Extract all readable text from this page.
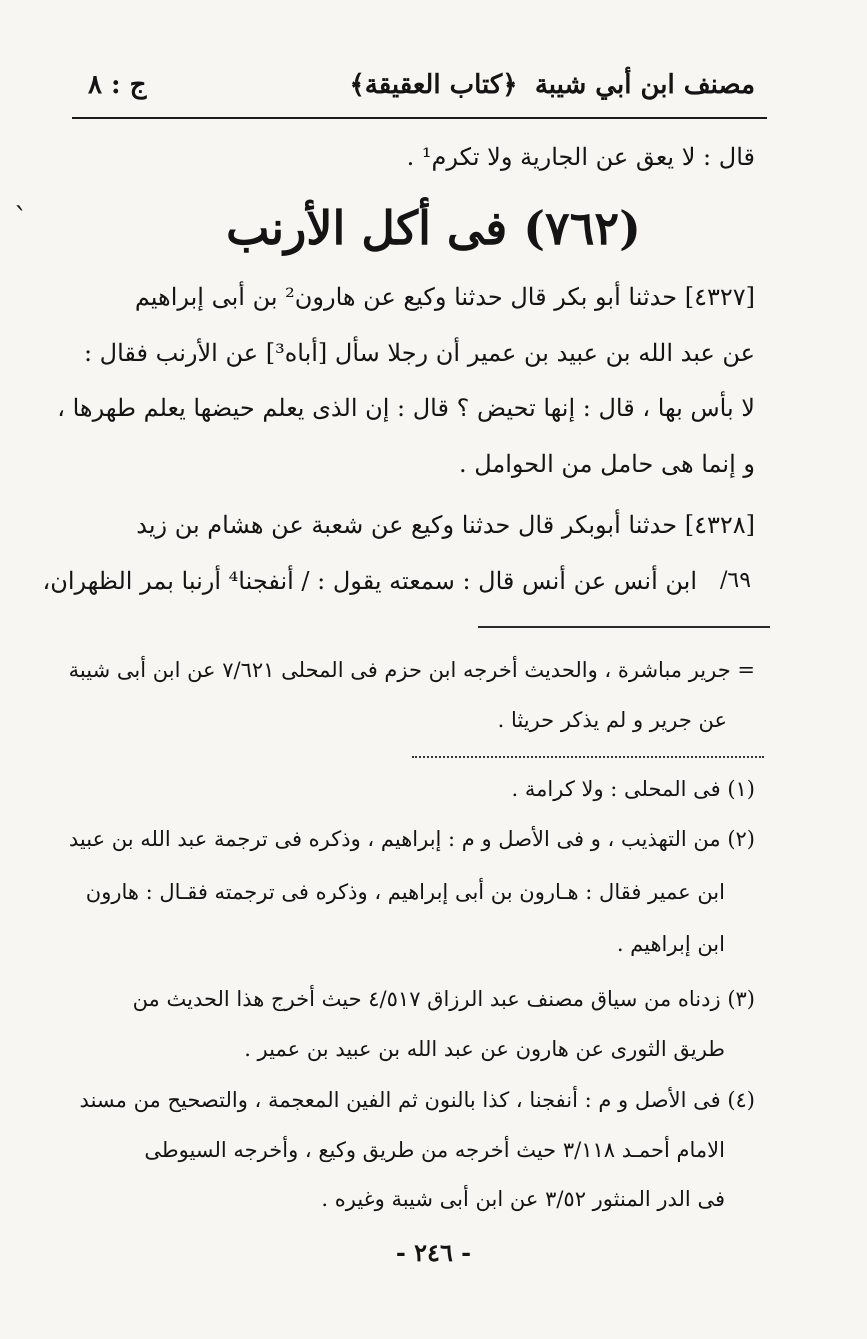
مصنف ابن أبي شيبة
﴿كتاب العقيقة﴾
ج : ٨
ˋ
قال : لا يعق عن الجارية ولا تكرم¹ .
(٧٦٢) فى أكل الأرنب
[٤٣٢٧] حدثنا أبو بكر قال حدثنا وكيع عن هارون² بن أبى إبراهيم
عن عبد الله بن عبيد بن عمير أن رجلا سأل [أباه³] عن الأرنب فقال :
لا بأس بها ، قال : إنها تحيض ؟ قال : إن الذى يعلم حيضها يعلم طهرها ،
و إنما هى حامل من الحوامل .
[٤٣٢٨] حدثنا أبوبكر قال حدثنا وكيع عن شعبة عن هشام بن زيد
ابن أنس عن أنس قال : سمعته يقول : / أنفجنا⁴ أرنبا بمر الظهران، ٦٩/
= جرير مباشرة ، والحديث أخرجه ابن حزم فى المحلى ٧/٦٢١ عن ابن أبى شيبة
عن جرير و لم يذكر حريثا .
(١) فى المحلى : ولا كرامة .
(٢) من التهذيب ، و فى الأصل و م : إبراهيم ، وذكره فى ترجمة عبد الله بن عبيد
ابن عمير فقال : هـارون بن أبى إبراهيم ، وذكره فى ترجمته فقـال : هارون
ابن إبراهيم .
(٣) زدناه من سياق مصنف عبد الرزاق ٤/٥١٧ حيث أخرج هذا الحديث من
طريق الثورى عن هارون عن عبد الله بن عبيد بن عمير .
(٤) فى الأصل و م : أنفجنا ، كذا بالنون ثم الفين المعجمة ، والتصحيح من مسند
الامام أحمـد ٣/١١٨ حيث أخرجه من طريق وكيع ، وأخرجه السيوطى
فى الدر المنثور ٣/٥٢ عن ابن أبى شيبة وغيره .
- ٢٤٦ -
